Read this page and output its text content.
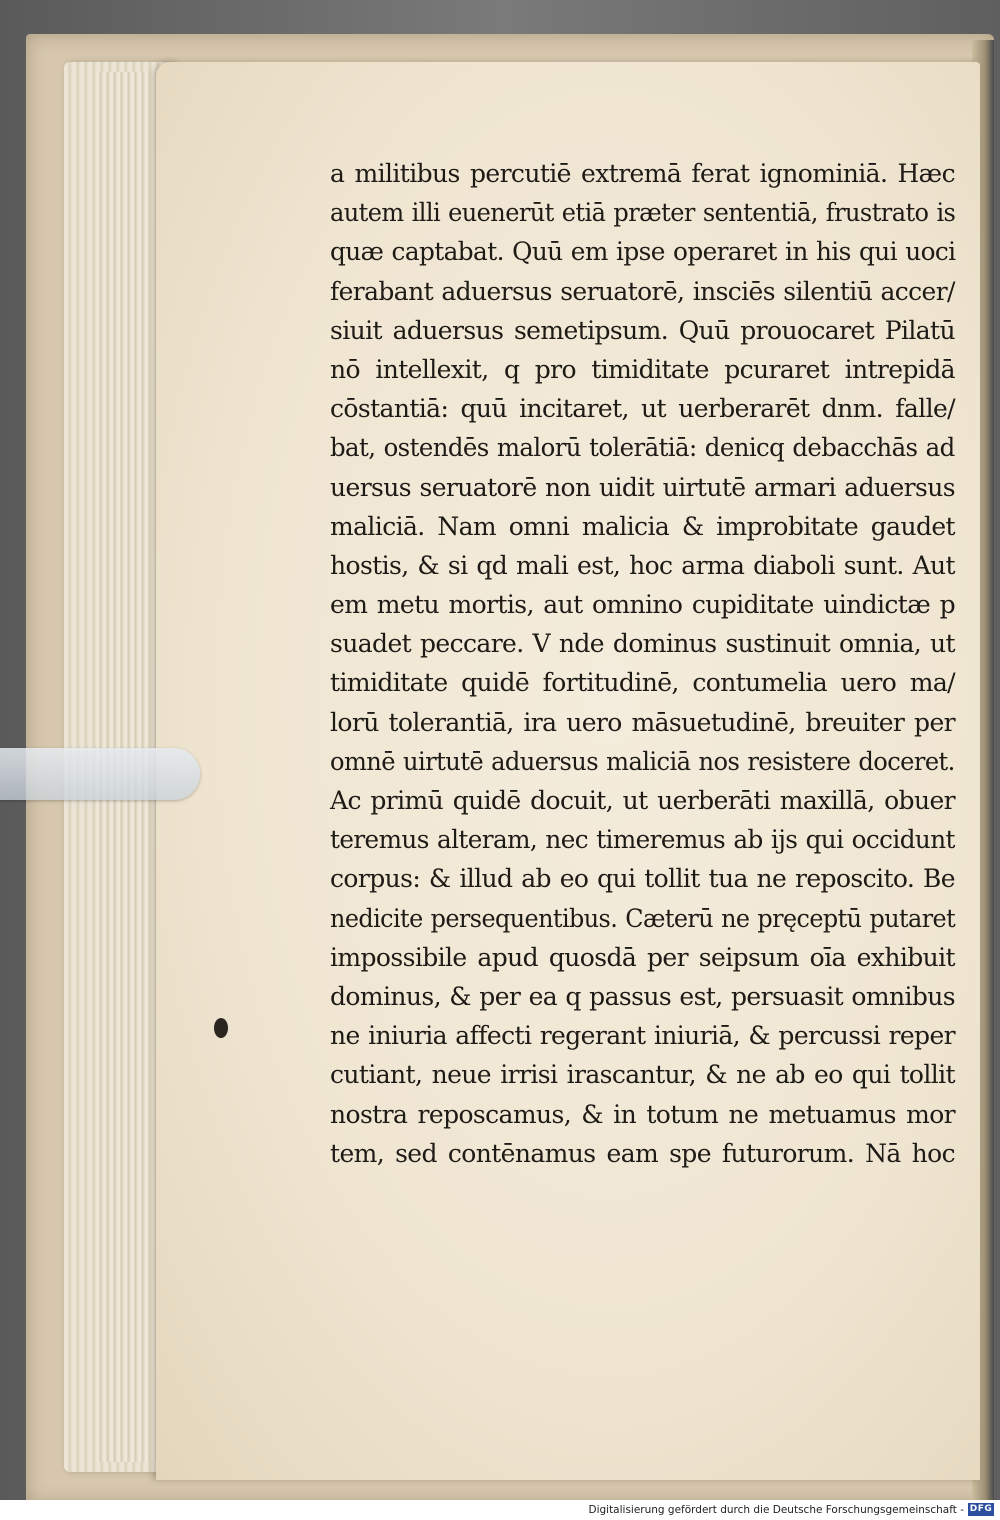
a militibus percutiē extremā ferat ignominiā. Hæc
autem illi euenerūt etiā præter sententiā, frustrato is
quæ captabat. Quū em ipse operaret in his qui uoci
ferabant aduersus seruatorē, insciēs silentiū accer/
siuit aduersus semetipsum. Quū prouocaret Pilatū
nō intellexit, q pro timiditate pcuraret intrepidā
cōstantiā: quū incitaret, ut uerberarēt dnm. falle/
bat, ostendēs malorū tolerātiā: denicq debacchās ad
uersus seruatorē non uidit uirtutē armari aduersus
maliciā. Nam omni malicia & improbitate gaudet
hostis, & si qd mali est, hoc arma diaboli sunt. Aut
em metu mortis, aut omnino cupiditate uindictæ p
suadet peccare. V nde dominus sustinuit omnia, ut
timiditate quidē fortitudinē, contumelia uero ma/
lorū tolerantiā, ira uero māsuetudinē, breuiter per
omnē uirtutē aduersus maliciā nos resistere doceret.
Ac primū quidē docuit, ut uerberāti maxillā, obuer
teremus alteram, nec timeremus ab ijs qui occidunt
corpus: & illud ab eo qui tollit tua ne reposcito. Be
nedicite persequentibus. Cæterū ne pręceptū putaret
impossibile apud quosdā per seipsum oīa exhibuit
dominus, & per ea q passus est, persuasit omnibus
ne iniuria affecti regerant iniuriā, & percussi reper
cutiant, neue irrisi irascantur, & ne ab eo qui tollit
nostra reposcamus, & in totum ne metuamus mor
tem, sed contēnamus eam spe futurorum. Nā hoc
Digitalisierung gefördert durch die Deutsche Forschungsgemeinschaft - DFG
